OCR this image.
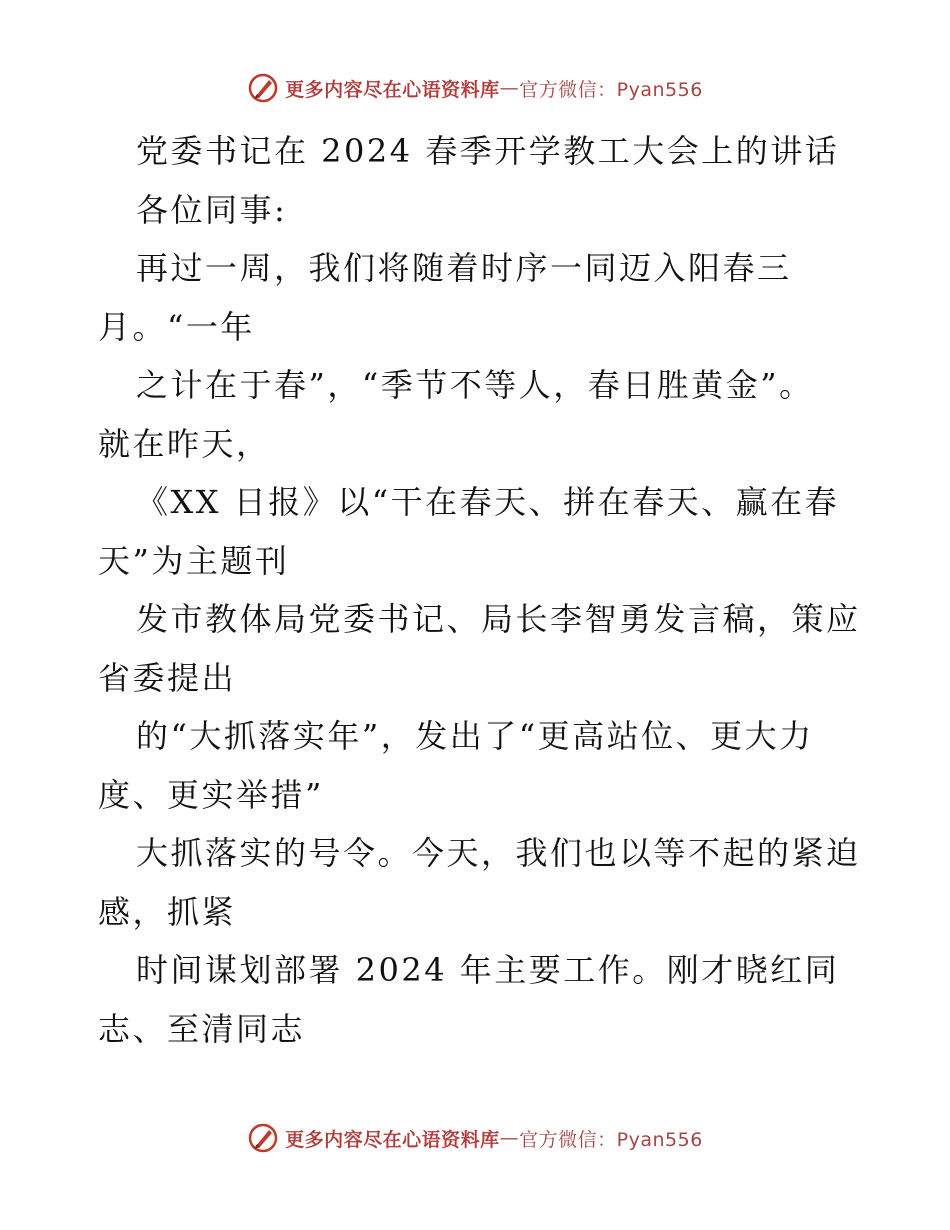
更多内容尽在心语资料库 — 官方微信：Pyan556

党委书记在 2024 春季开学教工大会上的讲话

各位同事:

再过一周，我们将随着时序一同迈入阳春三

月。“一年

之计在于春”，“季节不等人，春日胜黄金”。

就在昨天，

《XX 日报》以“干在春天、拼在春天、赢在春

天”为主题刊

发市教体局党委书记、局长李智勇发言稿，策应

省委提出

的“大抓落实年”，发出了“更高站位、更大力

度、更实举措”

大抓落实的号令。今天，我们也以等不起的紧迫

感，抓紧

时间谋划部署 2024 年主要工作。刚才晓红同

志、至清同志

更多内容尽在心语资料库 — 官方微信：Pyan556
